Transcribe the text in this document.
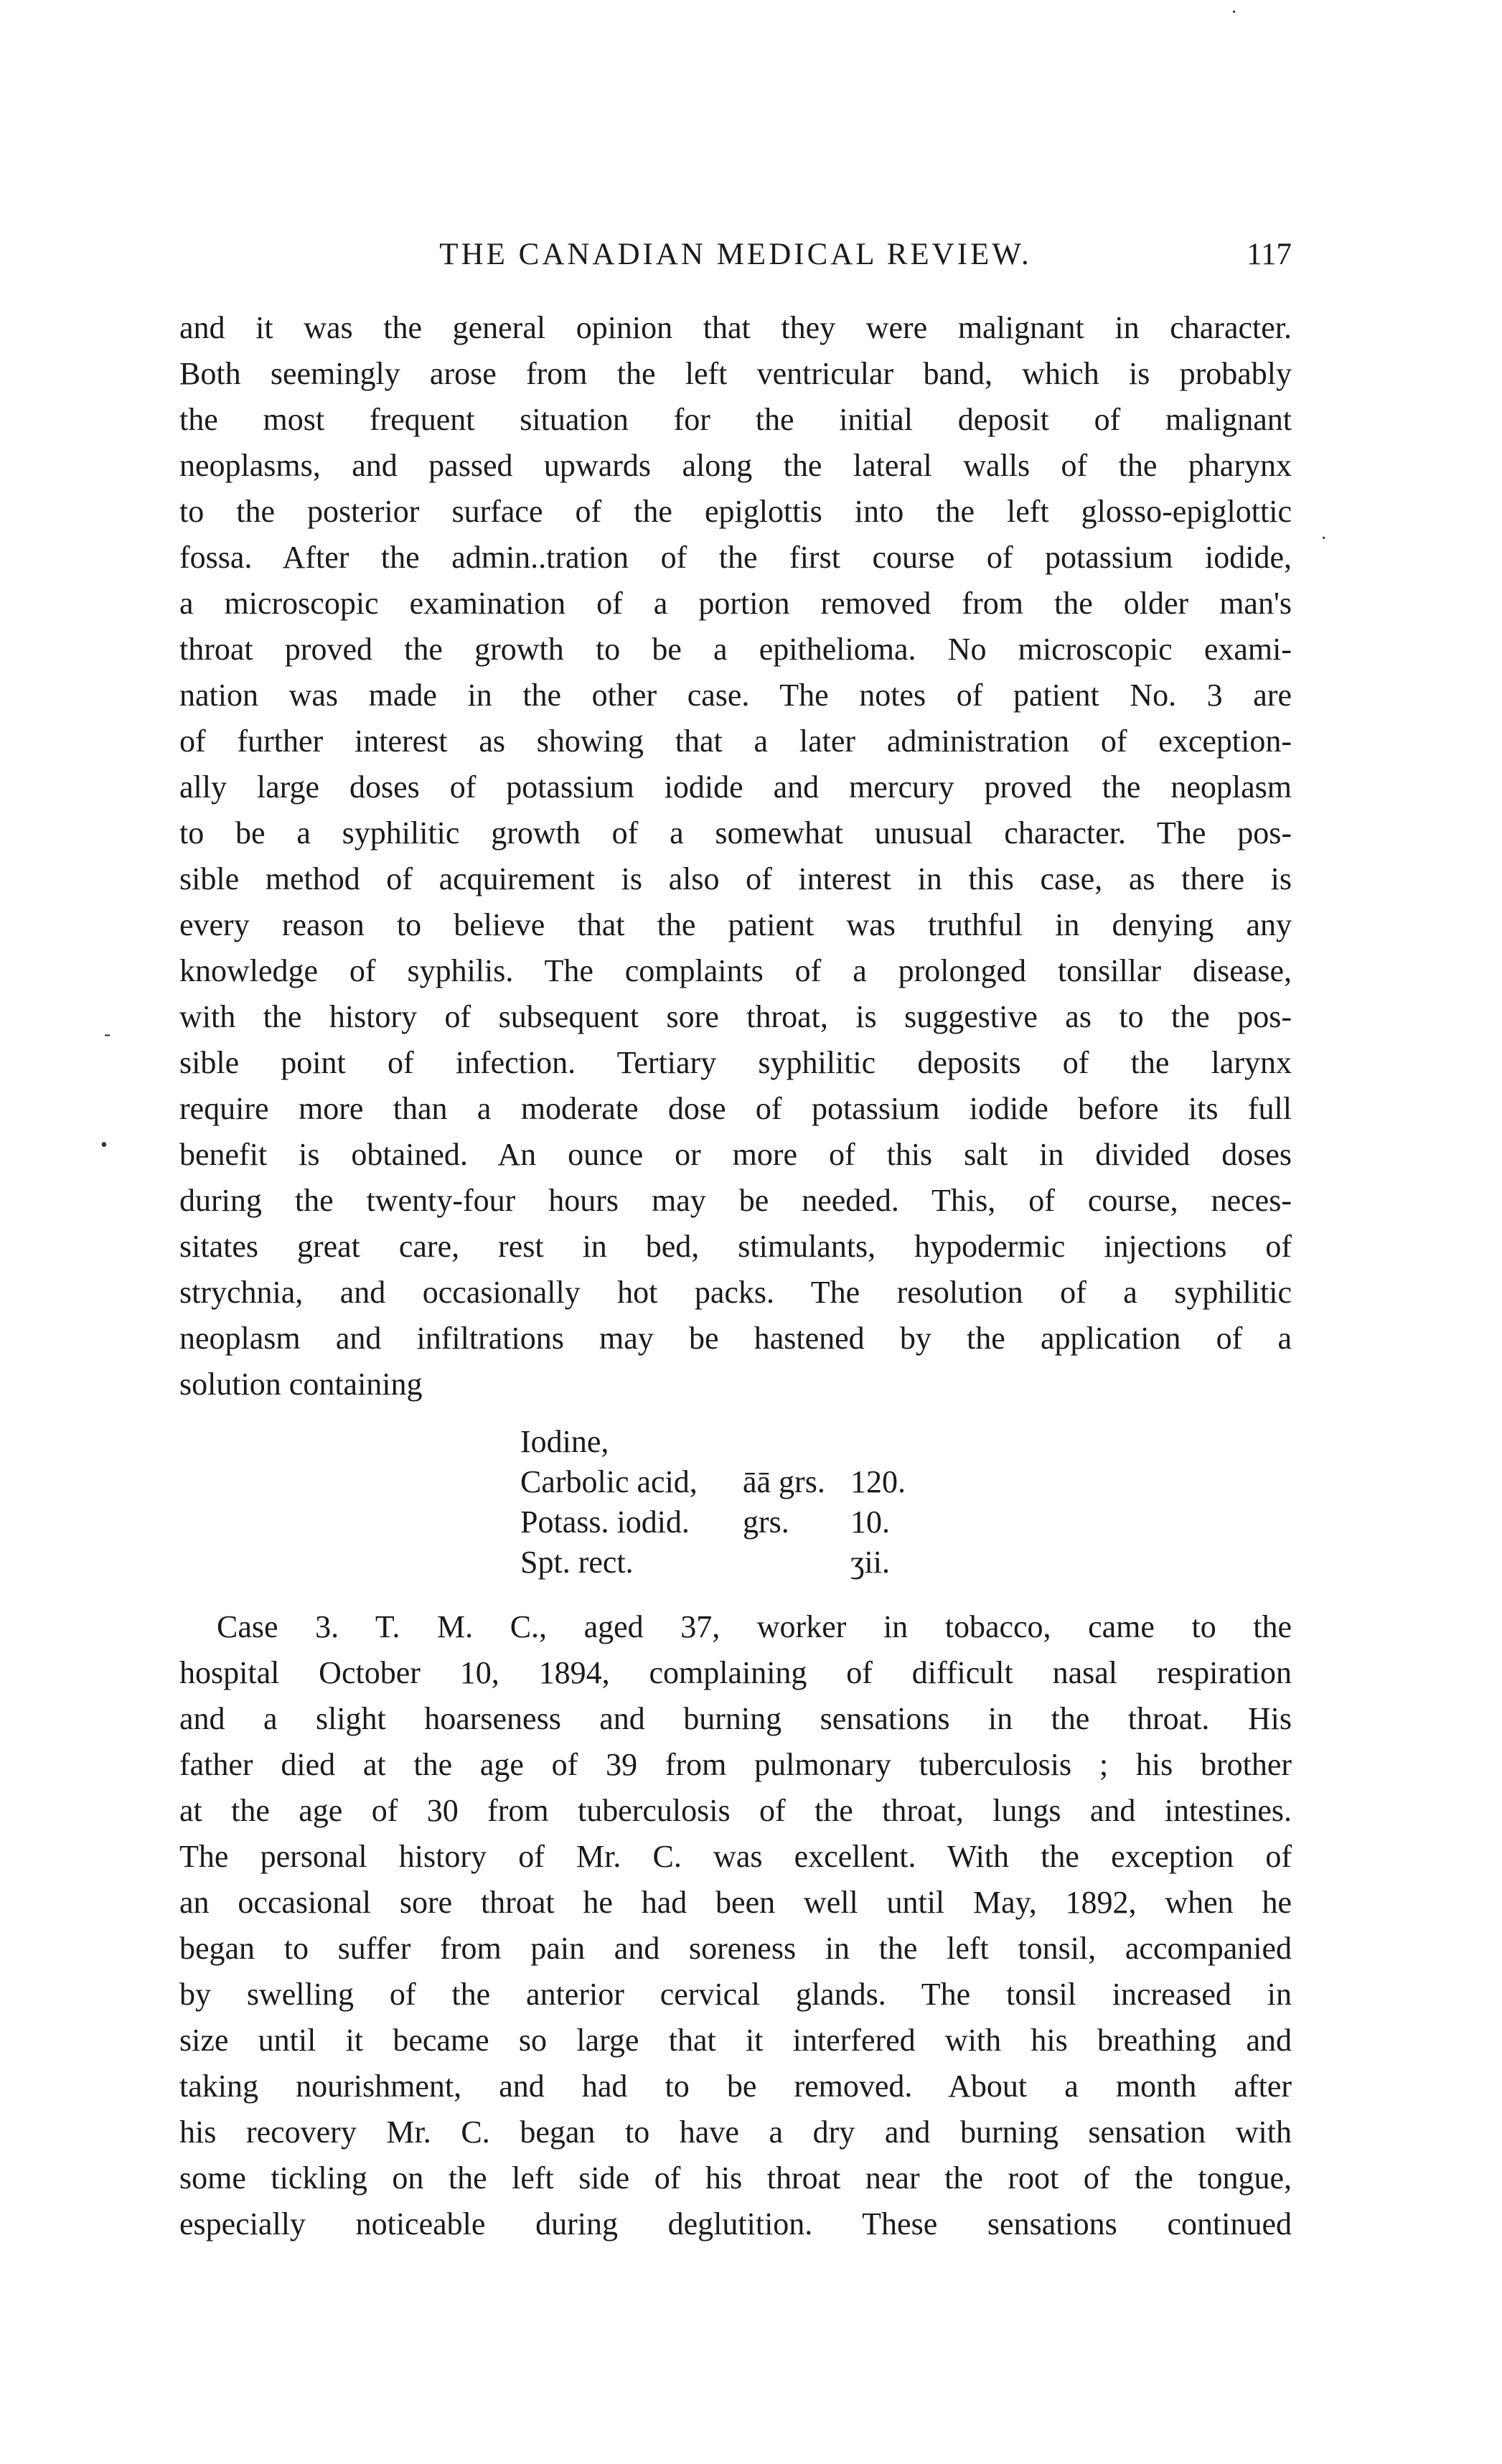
THE CANADIAN MEDICAL REVIEW.	117
and it was the general opinion that they were malignant in character.
Both seemingly arose from the left ventricular band, which is probably
the most frequent situation for the initial deposit of malignant
neoplasms, and passed upwards along the lateral walls of the pharynx
to the posterior surface of the epiglottis into the left glosso-epiglottic
fossa. After the admin..tration of the first course of potassium iodide,
a microscopic examination of a portion removed from the older man's
throat proved the growth to be a epithelioma. No microscopic exami-
nation was made in the other case. The notes of patient No. 3 are
of further interest as showing that a later administration of exception-
ally large doses of potassium iodide and mercury proved the neoplasm
to be a syphilitic growth of a somewhat unusual character. The pos-
sible method of acquirement is also of interest in this case, as there is
every reason to believe that the patient was truthful in denying any
knowledge of syphilis. The complaints of a prolonged tonsillar disease,
with the history of subsequent sore throat, is suggestive as to the pos-
sible point of infection. Tertiary syphilitic deposits of the larynx
require more than a moderate dose of potassium iodide before its full
benefit is obtained. An ounce or more of this salt in divided doses
during the twenty-four hours may be needed. This, of course, neces-
sitates great care, rest in bed, stimulants, hypodermic injections of
strychnia, and occasionally hot packs. The resolution of a syphilitic
neoplasm and infiltrations may be hastened by the application of a
solution containing
Iodine,
Carbolic acid,	āā grs. 120.
Potass. iodid.	grs.	10.
Spt. rect.	ʒii.
Case 3. T. M. C., aged 37, worker in tobacco, came to the
hospital October 10, 1894, complaining of difficult nasal respiration
and a slight hoarseness and burning sensations in the throat. His
father died at the age of 39 from pulmonary tuberculosis ; his brother
at the age of 30 from tuberculosis of the throat, lungs and intestines.
The personal history of Mr. C. was excellent. With the exception of
an occasional sore throat he had been well until May, 1892, when he
began to suffer from pain and soreness in the left tonsil, accompanied
by swelling of the anterior cervical glands. The tonsil increased in
size until it became so large that it interfered with his breathing and
taking nourishment, and had to be removed. About a month after
his recovery Mr. C. began to have a dry and burning sensation with
some tickling on the left side of his throat near the root of the tongue,
especially noticeable during deglutition. These sensations continued
·
-
•
·
